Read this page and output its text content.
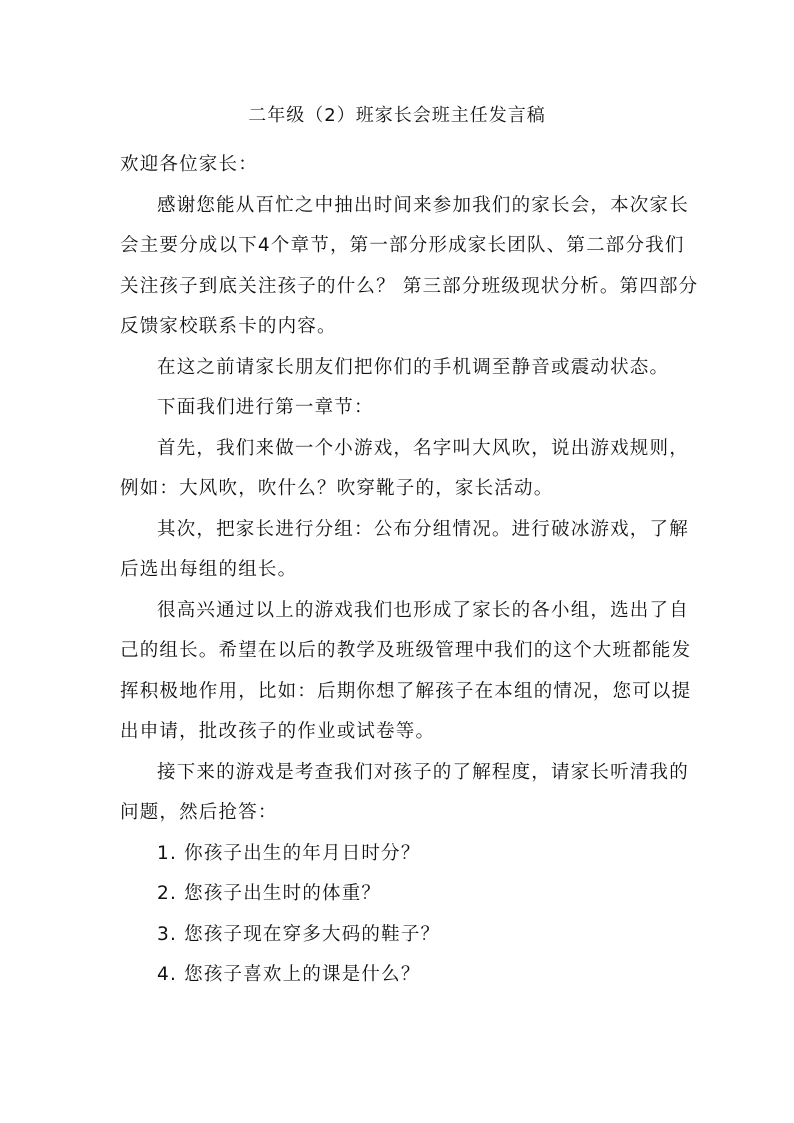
二年级（2）班家长会班主任发言稿

欢迎各位家长：

感谢您能从百忙之中抽出时间来参加我们的家长会，本次家长会主要分成以下4个章节，第一部分形成家长团队、第二部分我们关注孩子到底关注孩子的什么？ 第三部分班级现状分析。第四部分反馈家校联系卡的内容。

在这之前请家长朋友们把你们的手机调至静音或震动状态。

下面我们进行第一章节：

首先，我们来做一个小游戏，名字叫大风吹，说出游戏规则，例如：大风吹，吹什么？吹穿靴子的，家长活动。

其次，把家长进行分组：公布分组情况。进行破冰游戏，了解后选出每组的组长。

很高兴通过以上的游戏我们也形成了家长的各小组，选出了自己的组长。希望在以后的教学及班级管理中我们的这个大班都能发挥积极地作用，比如：后期你想了解孩子在本组的情况，您可以提出申请，批改孩子的作业或试卷等。

接下来的游戏是考查我们对孩子的了解程度，请家长听清我的问题，然后抢答：

1. 你孩子出生的年月日时分？

2. 您孩子出生时的体重？

3. 您孩子现在穿多大码的鞋子？

4. 您孩子喜欢上的课是什么？
